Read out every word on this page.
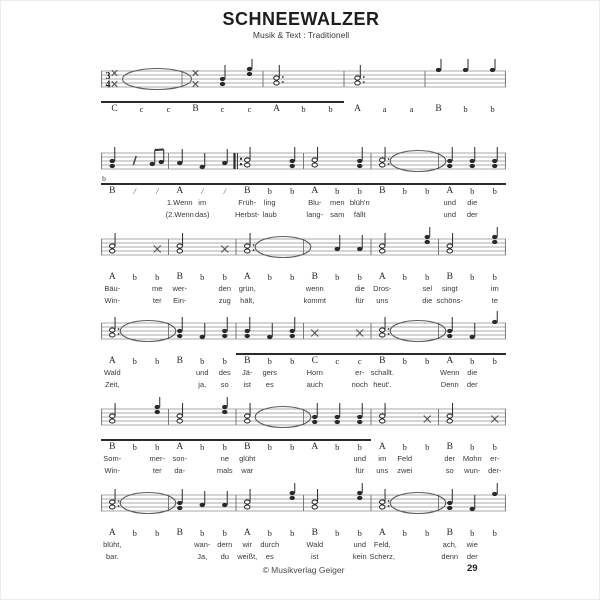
SCHNEEWALZER
Musik & Text : Traditionell
3
4
C	c	c B	c	c A	b	b A	a	a B	b	b
b
B / / A / / B b b A b b B b b A b b
1.Wenn im	Früh- ling	Blu- men blüh'n	und die
(2.Wenn das)	Herbst- laub	lang- sam fällt	und der
A b b B b b A b b B b b A b b B b b
Bäu-	me wer-	den grün,	wenn	die Dros-	sel singt	im
Win-	ter Ein-	zug hält,	kommt	für uns	die schöns-	te
A b b B b b B b b C c c B b b A b b
Wald	und des Jä- gers	Horn	er- schallt.	Wenn die
Zeit,	ja, so ist es	auch	noch heut'.	Denn der
B b b A b b B b b A b b A b b B b b
Som-	mer- son-	ne glüht	und im Feld	der Mohn er-
Win-	ter da-	mals war	für uns zwei	so wun- der-
A b b B b b A b b B b b A b b B b b
blüht,	wan- dern wir durch	Wald	und Feld,	ach, wie
bar.	Ja, du weißt, es	ist	kein Scherz,	denn der
© Musikverlag Geiger	29
